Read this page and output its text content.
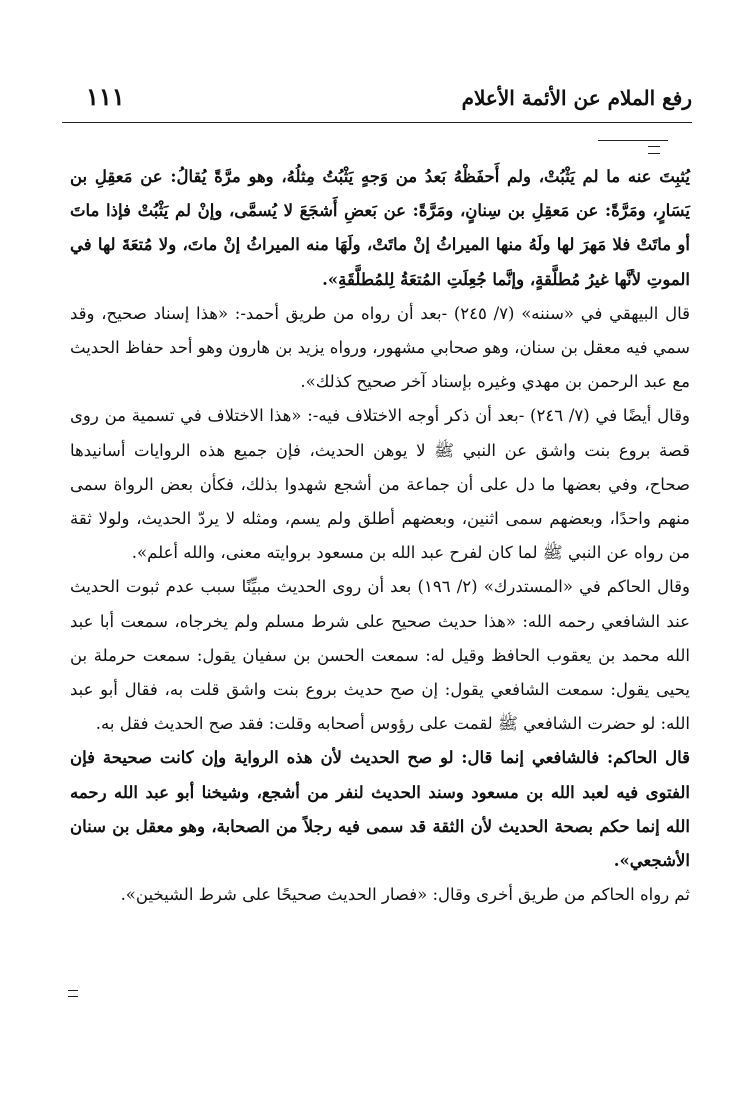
رفع الملام عن الأئمة الأعلام
١١١

يُثبِتَ عنه ما لم يَثْبُتْ، ولم أَحفَظْهُ بَعدُ من وَجهٍ يَثْبُتُ مِثلُهُ، وهو مرَّةً يُقالُ: عن مَعقِلِ بن يَسَارٍ، ومَرَّةً: عن مَعقِلِ بن سِنانٍ، ومَرَّةً: عن بَعضِ أَشجَعَ لا يُسمَّى، وإنْ لم يَثْبُتْ فإذا ماتَ أو ماتَتْ فلا مَهرَ لها ولَهُ منها الميراثُ إنْ ماتَتْ، ولَهَا منه الميراثُ إنْ ماتَ، ولا مُتعَةَ لها في الموتِ لأنَّها غيرُ مُطلَّقةٍ، وإنَّما جُعِلَتِ المُتعَةُ لِلمُطلَّقَةِ».

قال البيهقي في «سننه» (٧/ ٢٤٥) -بعد أن رواه من طريق أحمد-: «هذا إسناد صحيح، وقد سمي فيه معقل بن سنان، وهو صحابي مشهور، ورواه يزيد بن هارون وهو أحد حفاظ الحديث مع عبد الرحمن بن مهدي وغيره بإسناد آخر صحيح كذلك».

وقال أيضًا في (٧/ ٢٤٦) -بعد أن ذكر أوجه الاختلاف فيه-: «هذا الاختلاف في تسمية من روى قصة بروع بنت واشق عن النبي ﷺ لا يوهن الحديث، فإن جميع هذه الروايات أسانيدها صحاح، وفي بعضها ما دل على أن جماعة من أشجع شهدوا بذلك، فكأن بعض الرواة سمى منهم واحدًا، وبعضهم سمى اثنين، وبعضهم أطلق ولم يسم، ومثله لا يردّ الحديث، ولولا ثقة من رواه عن النبي ﷺ لما كان لفرح عبد الله بن مسعود بروايته معنى، والله أعلم».

وقال الحاكم في «المستدرك» (٢/ ١٩٦) بعد أن روى الحديث مبيِّنًا سبب عدم ثبوت الحديث عند الشافعي رحمه الله: «هذا حديث صحيح على شرط مسلم ولم يخرجاه، سمعت أبا عبد الله محمد بن يعقوب الحافظ وقيل له: سمعت الحسن بن سفيان يقول: سمعت حرملة بن يحيى يقول: سمعت الشافعي يقول: إن صح حديث بروع بنت واشق قلت به، فقال أبو عبد الله: لو حضرت الشافعي ﷺ لقمت على رؤوس أصحابه وقلت: فقد صح الحديث فقل به.

قال الحاكم: فالشافعي إنما قال: لو صح الحديث لأن هذه الرواية وإن كانت صحيحة فإن الفتوى فيه لعبد الله بن مسعود وسند الحديث لنفر من أشجع، وشيخنا أبو عبد الله رحمه الله إنما حكم بصحة الحديث لأن الثقة قد سمى فيه رجلاً من الصحابة، وهو معقل بن سنان الأشجعي».

ثم رواه الحاكم من طريق أخرى وقال: «فصار الحديث صحيحًا على شرط الشيخين».
